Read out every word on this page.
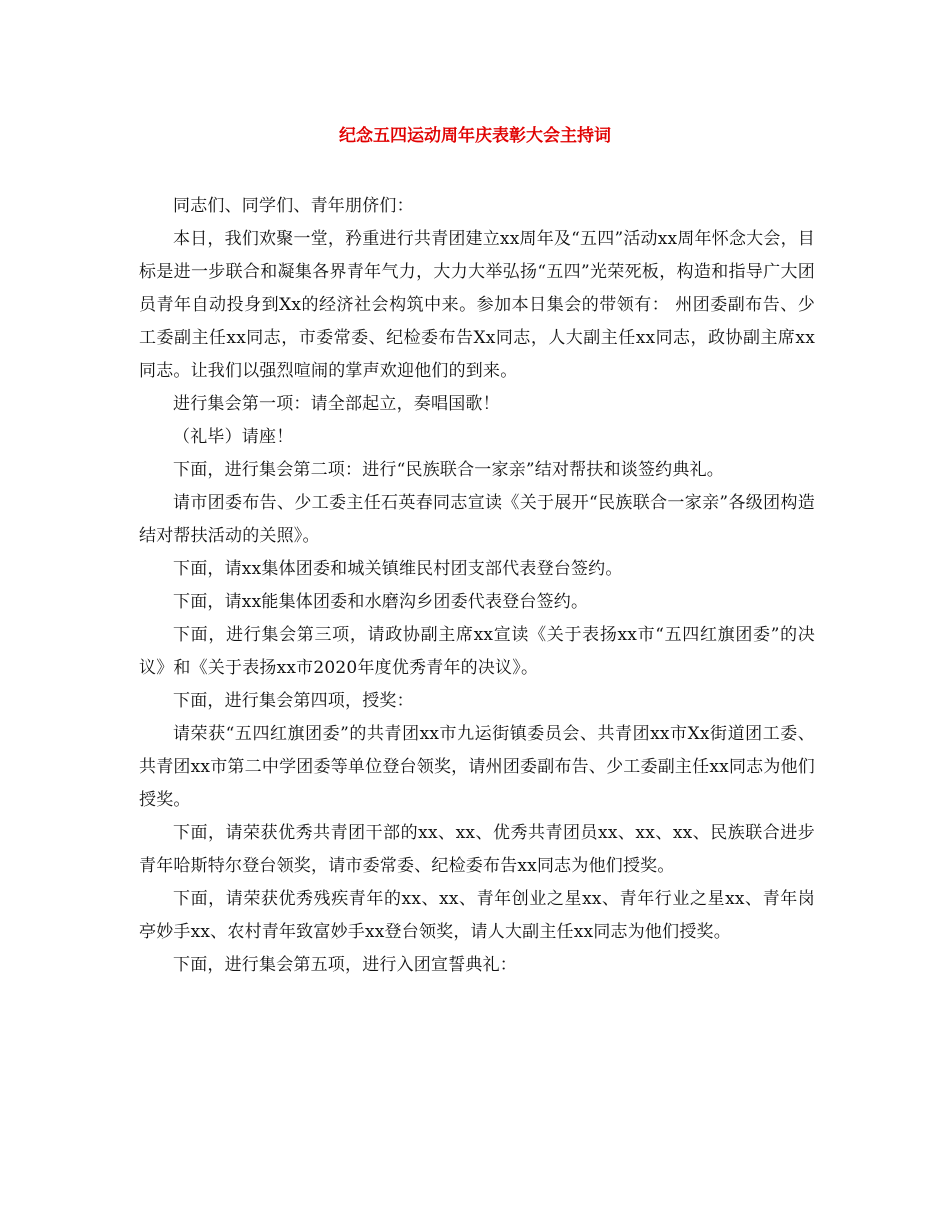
纪念五四运动周年庆表彰大会主持词

同志们、同学们、青年朋侪们：

本日，我们欢聚一堂，矜重进行共青团建立xx周年及“五四”活动xx周年怀念大会，目标是进一步联合和凝集各界青年气力，大力大举弘扬“五四”光荣死板，构造和指导广大团员青年自动投身到Xx的经济社会构筑中来。参加本日集会的带领有： 州团委副布告、少工委副主任xx同志，市委常委、纪检委布告Xx同志，人大副主任xx同志，政协副主席xx同志。让我们以强烈喧闹的掌声欢迎他们的到来。

进行集会第一项：请全部起立，奏唱国歌！

（礼毕）请座！

下面，进行集会第二项：进行“民族联合一家亲”结对帮扶和谈签约典礼。

请市团委布告、少工委主任石英春同志宣读《关于展开“民族联合一家亲”各级团构造结对帮扶活动的关照》。

下面，请xx集体团委和城关镇维民村团支部代表登台签约。

下面，请xx能集体团委和水磨沟乡团委代表登台签约。

下面，进行集会第三项，请政协副主席xx宣读《关于表扬xx市“五四红旗团委”的决议》和《关于表扬xx市2020年度优秀青年的决议》。

下面，进行集会第四项，授奖：

请荣获“五四红旗团委”的共青团xx市九运街镇委员会、共青团xx市Xx街道团工委、共青团xx市第二中学团委等单位登台领奖，请州团委副布告、少工委副主任xx同志为他们授奖。

下面，请荣获优秀共青团干部的xx、xx、优秀共青团员xx、xx、xx、民族联合进步青年哈斯特尔登台领奖，请市委常委、纪检委布告xx同志为他们授奖。

下面，请荣获优秀残疾青年的xx、xx、青年创业之星xx、青年行业之星xx、青年岗亭妙手xx、农村青年致富妙手xx登台领奖，请人大副主任xx同志为他们授奖。

下面，进行集会第五项，进行入团宣誓典礼：
